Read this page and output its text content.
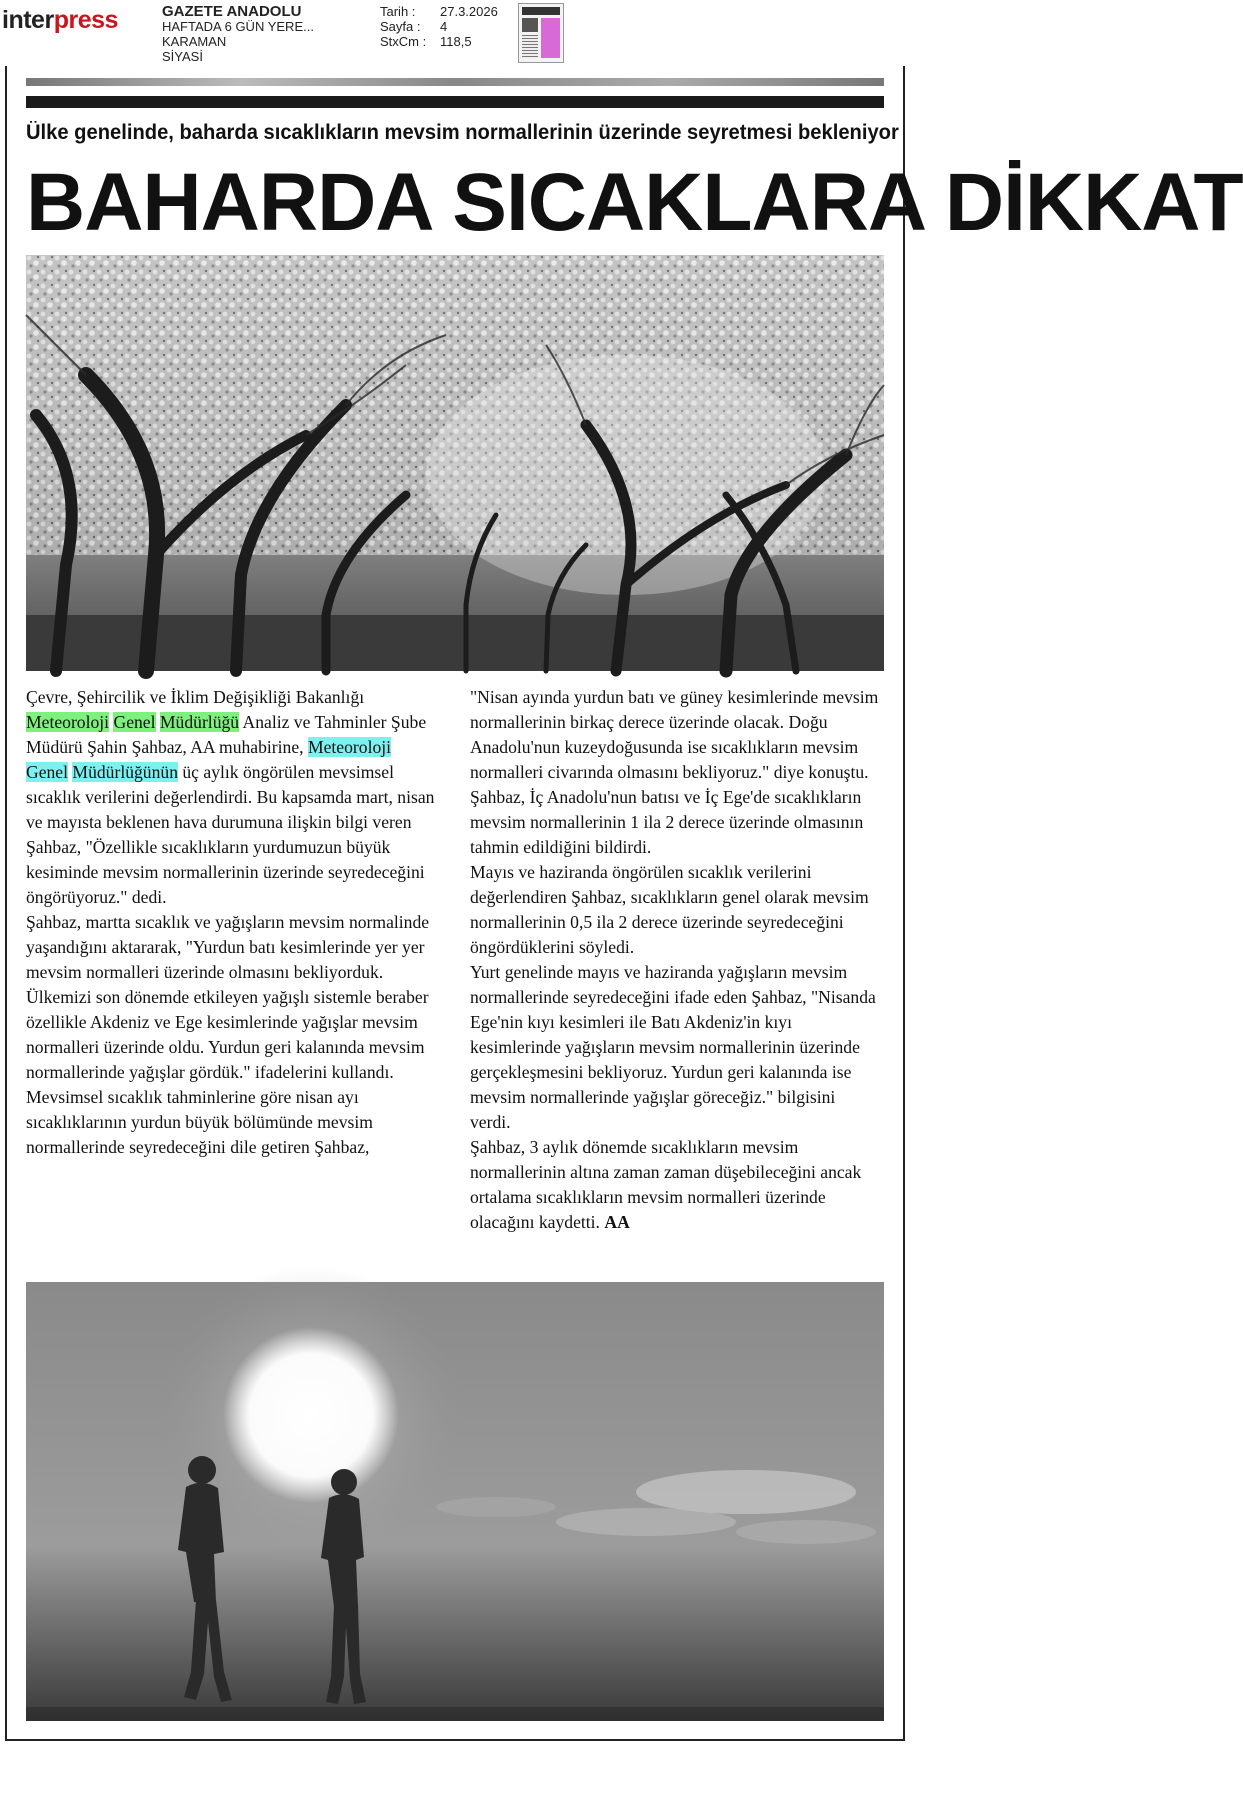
interpress	GAZETE ANADOLU
HAFTADA 6 GÜN YERE...
KARAMAN
SİYASİ
Tarih :	27.3.2026
Sayfa :	4
StxCm :	118,5
Ülke genelinde, baharda sıcaklıkların mevsim normallerinin üzerinde seyretmesi bekleniyor
BAHARDA SICAKLARA DİKKAT

Çevre, Şehircilik ve İklim Değişikliği Bakanlığı Meteoroloji Genel Müdürlüğü Analiz ve Tahminler Şube Müdürü Şahin Şahbaz, AA muhabirine, Meteoroloji Genel Müdürlüğünün üç aylık öngörülen mevsimsel sıcaklık verilerini değerlendirdi. Bu kapsamda mart, nisan ve mayısta beklenen hava durumuna ilişkin bilgi veren Şahbaz, "Özellikle sıcaklıkların yurdumuzun büyük kesiminde mevsim normallerinin üzerinde seyredeceğini öngörüyoruz." dedi.

Şahbaz, martta sıcaklık ve yağışların mevsim normalinde yaşandığını aktararak, "Yurdun batı kesimlerinde yer yer mevsim normalleri üzerinde olmasını bekliyorduk. Ülkemizi son dönemde etkileyen yağışlı sistemle beraber özellikle Akdeniz ve Ege kesimlerinde yağışlar mevsim normalleri üzerinde oldu. Yurdun geri kalanında mevsim normallerinde yağışlar gördük." ifadelerini kullandı.

Mevsimsel sıcaklık tahminlerine göre nisan ayı sıcaklıklarının yurdun büyük bölümünde mevsim normallerinde seyredeceğini dile getiren Şahbaz,

"Nisan ayında yurdun batı ve güney kesimlerinde mevsim normallerinin birkaç derece üzerinde olacak. Doğu Anadolu'nun kuzeydoğusunda ise sıcaklıkların mevsim normalleri civarında olmasını bekliyoruz." diye konuştu.

Şahbaz, İç Anadolu'nun batısı ve İç Ege'de sıcaklıkların mevsim normallerinin 1 ila 2 derece üzerinde olmasının tahmin edildiğini bildirdi.

Mayıs ve haziranda öngörülen sıcaklık verilerini değerlendiren Şahbaz, sıcaklıkların genel olarak mevsim normallerinin 0,5 ila 2 derece üzerinde seyredeceğini öngördüklerini söyledi.

Yurt genelinde mayıs ve haziranda yağışların mevsim normallerinde seyredeceğini ifade eden Şahbaz, "Nisanda Ege'nin kıyı kesimleri ile Batı Akdeniz'in kıyı kesimlerinde yağışların mevsim normallerinin üzerinde gerçekleşmesini bekliyoruz. Yurdun geri kalanında ise mevsim normallerinde yağışlar göreceğiz." bilgisini verdi.

Şahbaz, 3 aylık dönemde sıcaklıkların mevsim normallerinin altına zaman zaman düşebileceğini ancak ortalama sıcaklıkların mevsim normalleri üzerinde olacağını kaydetti. AA
